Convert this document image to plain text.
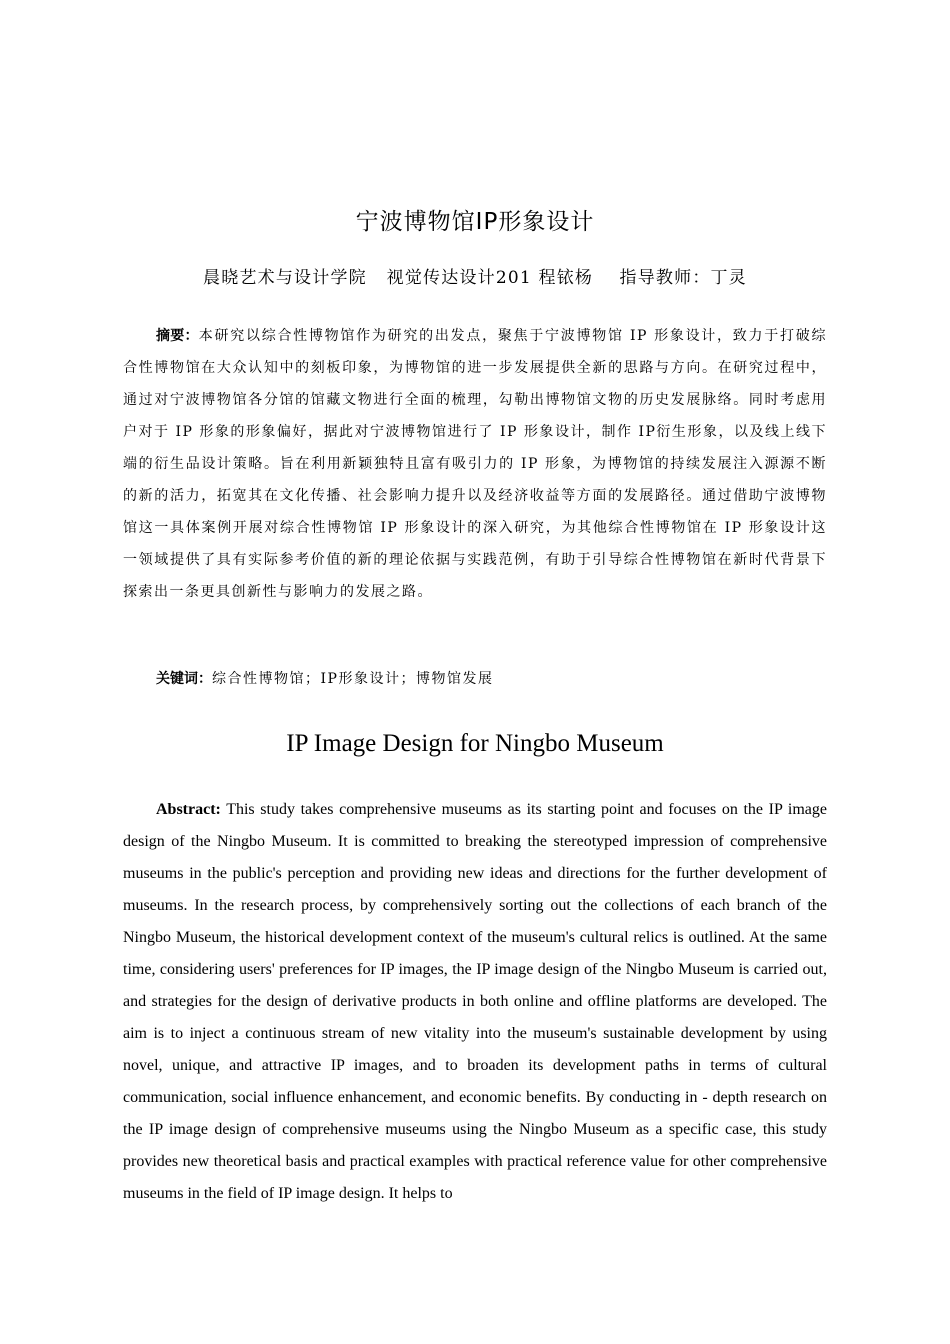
宁波博物馆IP形象设计
晨晓艺术与设计学院   视觉传达设计201 程铱杨    指导教师：丁灵

摘要：本研究以综合性博物馆作为研究的出发点，聚焦于宁波博物馆 IP 形象设计，致力于打破综合性博物馆在大众认知中的刻板印象，为博物馆的进一步发展提供全新的思路与方向。在研究过程中，通过对宁波博物馆各分馆的馆藏文物进行全面的梳理，勾勒出博物馆文物的历史发展脉络。同时考虑用户对于 IP 形象的形象偏好，据此对宁波博物馆进行了 IP 形象设计，制作 IP衍生形象，以及线上线下端的衍生品设计策略。旨在利用新颖独特且富有吸引力的 IP 形象，为博物馆的持续发展注入源源不断的新的活力，拓宽其在文化传播、社会影响力提升以及经济收益等方面的发展路径。通过借助宁波博物馆这一具体案例开展对综合性博物馆 IP 形象设计的深入研究，为其他综合性博物馆在 IP 形象设计这一领域提供了具有实际参考价值的新的理论依据与实践范例，有助于引导综合性博物馆在新时代背景下探索出一条更具创新性与影响力的发展之路。

关键词：综合性博物馆；IP形象设计；博物馆发展

IP Image Design for Ningbo Museum

Abstract: This study takes comprehensive museums as its starting point and focuses on the IP image design of the Ningbo Museum. It is committed to breaking the stereotyped impression of comprehensive museums in the public's perception and providing new ideas and directions for the further development of museums. In the research process, by comprehensively sorting out the collections of each branch of the Ningbo Museum, the historical development context of the museum's cultural relics is outlined. At the same time, considering users' preferences for IP images, the IP image design of the Ningbo Museum is carried out, and strategies for the design of derivative products in both online and offline platforms are developed. The aim is to inject a continuous stream of new vitality into the museum's sustainable development by using novel, unique, and attractive IP images, and to broaden its development paths in terms of cultural communication, social influence enhancement, and economic benefits. By conducting in - depth research on the IP image design of comprehensive museums using the Ningbo Museum as a specific case, this study provides new theoretical basis and practical examples with practical reference value for other comprehensive museums in the field of IP image design. It helps to
